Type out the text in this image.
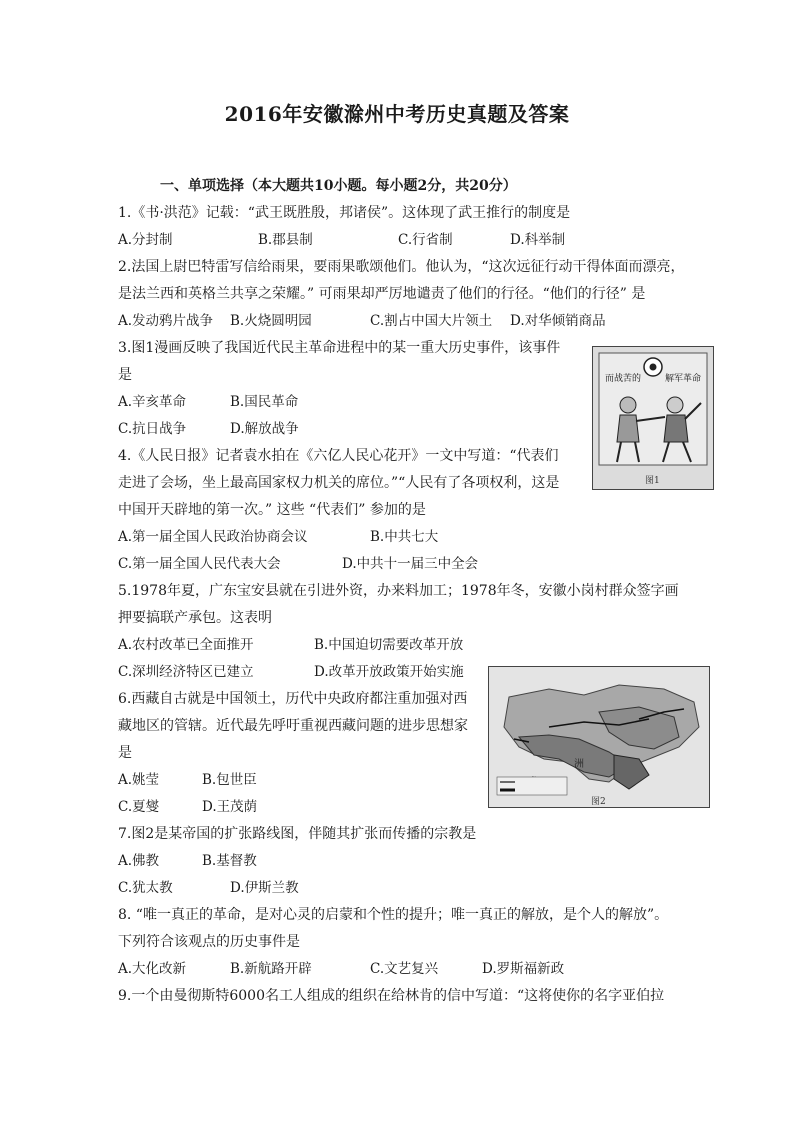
2016年安徽滁州中考历史真题及答案
一、单项选择（本大题共10小题。每小题2分，共20分）
1.《书·洪范》记载：“武王既胜殷，邦诸侯”。这体现了武王推行的制度是
A.分封制	B.郡县制	C.行省制	D.科举制
2.法国上尉巴特雷写信给雨果，要雨果歌颂他们。他认为，“这次远征行动干得体面而漂亮，
是法兰西和英格兰共享之荣耀。” 可雨果却严厉地谴责了他们的行径。“他们的行径” 是
A.发动鸦片战争 B.火烧圆明园	C.割占中国大片领土 D.对华倾销商品
3.图1漫画反映了我国近代民主革命进程中的某一重大历史事件，该事件
是
A.辛亥革命	B.国民革命
C.抗日战争	D.解放战争
而战苦的	解军革命
图1
4.《人民日报》记者袁水拍在《六亿人民心花开》一文中写道：“代表们
走进了会场，坐上最高国家权力机关的席位。”“人民有了各项权利，这是
中国开天辟地的第一次。” 这些 “代表们” 参加的是
A.第一届全国人民政治协商会议	B.中共七大
C.第一届全国人民代表大会	D.中共十一届三中全会
5.1978年夏，广东宝安县就在引进外资，办来料加工；1978年冬，安徽小岗村群众签字画
押要搞联产承包。这表明
A.农村改革已全面推开	B.中国迫切需要改革开放
C.深圳经济特区已建立	D.改革开放政策开始实施
洲
图2
6.西藏自古就是中国领土，历代中央政府都注重加强对西
藏地区的管辖。近代最先呼吁重视西藏问题的进步思想家
是
A.姚莹	B.包世臣
C.夏燮	D.王茂荫
7.图2是某帝国的扩张路线图，伴随其扩张而传播的宗教是
A.佛教	B.基督教
C.犹太教	D.伊斯兰教
8. “唯一真正的革命，是对心灵的启蒙和个性的提升；唯一真正的解放，是个人的解放”。
下列符合该观点的历史事件是
A.大化改新	B.新航路开辟	C.文艺复兴	D.罗斯福新政
9.一个由曼彻斯特6000名工人组成的组织在给林肯的信中写道：“这将使你的名字亚伯拉
